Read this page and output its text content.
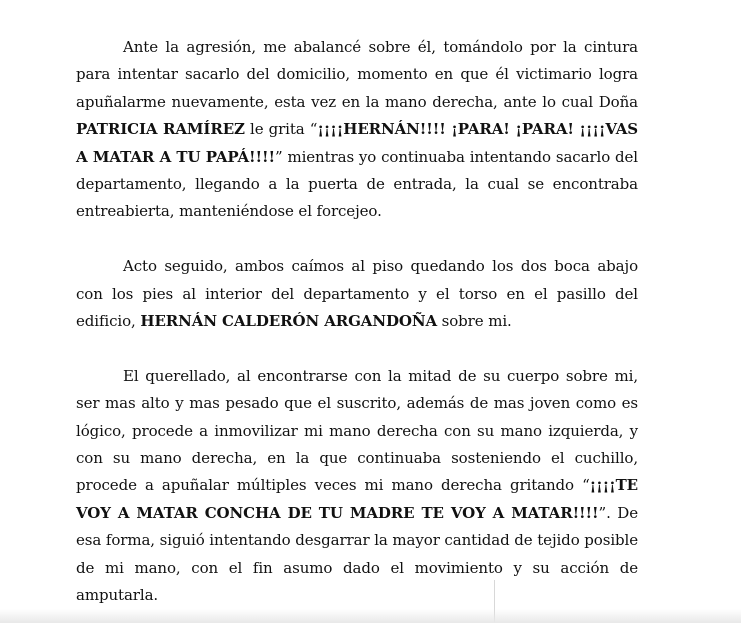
Ante la agresión, me abalancé sobre él, tomándolo por la cintura para intentar sacarlo del domicilio, momento en que él victimario logra apuñalarme nuevamente, esta vez en la mano derecha, ante lo cual Doña PATRICIA RAMÍREZ le grita “¡¡¡¡HERNÁN!!!! ¡PARA! ¡PARA! ¡¡¡¡VAS A MATAR A TU PAPÁ!!!!” mientras yo continuaba intentando sacarlo del departamento, llegando a la puerta de entrada, la cual se encontraba entreabierta, manteniéndose el forcejeo.

Acto seguido, ambos caímos al piso quedando los dos boca abajo con los pies al interior del departamento y el torso en el pasillo del edificio, HERNÁN CALDERÓN ARGANDOÑA sobre mi.

El querellado, al encontrarse con la mitad de su cuerpo sobre mi, ser mas alto y mas pesado que el suscrito, además de mas joven como es lógico, procede a inmovilizar mi mano derecha con su mano izquierda, y con su mano derecha, en la que continuaba sosteniendo el cuchillo, procede a apuñalar múltiples veces mi mano derecha gritando “¡¡¡¡TE VOY A MATAR CONCHA DE TU MADRE TE VOY A MATAR!!!!”. De esa forma, siguió intentando desgarrar la mayor cantidad de tejido posible de mi mano, con el fin asumo dado el movimiento y su acción de amputarla.
